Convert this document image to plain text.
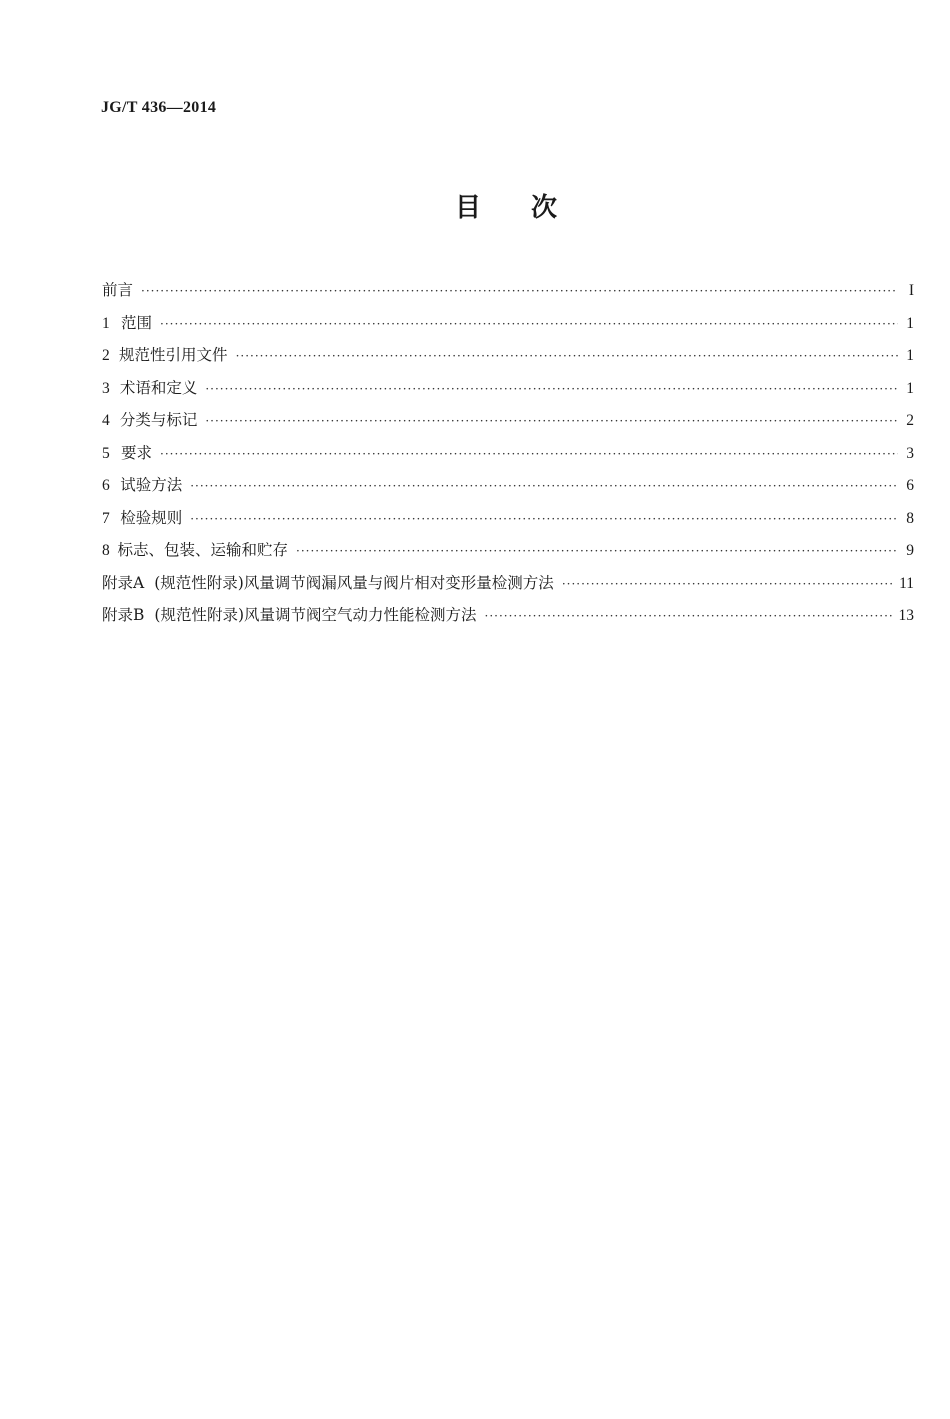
JG/T 436—2014
目 次
前言 ·····	I
1 范围 ·····	1
2 规范性引用文件 ·····	1
3 术语和定义 ·····	1
4 分类与标记 ·····	2
5 要求 ·····	3
6 试验方法 ·····	6
7 检验规则 ·····	8
8 标志、包装、运输和贮存 ·····	9
附录A (规范性附录)风量调节阀漏风量与阀片相对变形量检测方法 ·····	11
附录B (规范性附录)风量调节阀空气动力性能检测方法 ·····	13
